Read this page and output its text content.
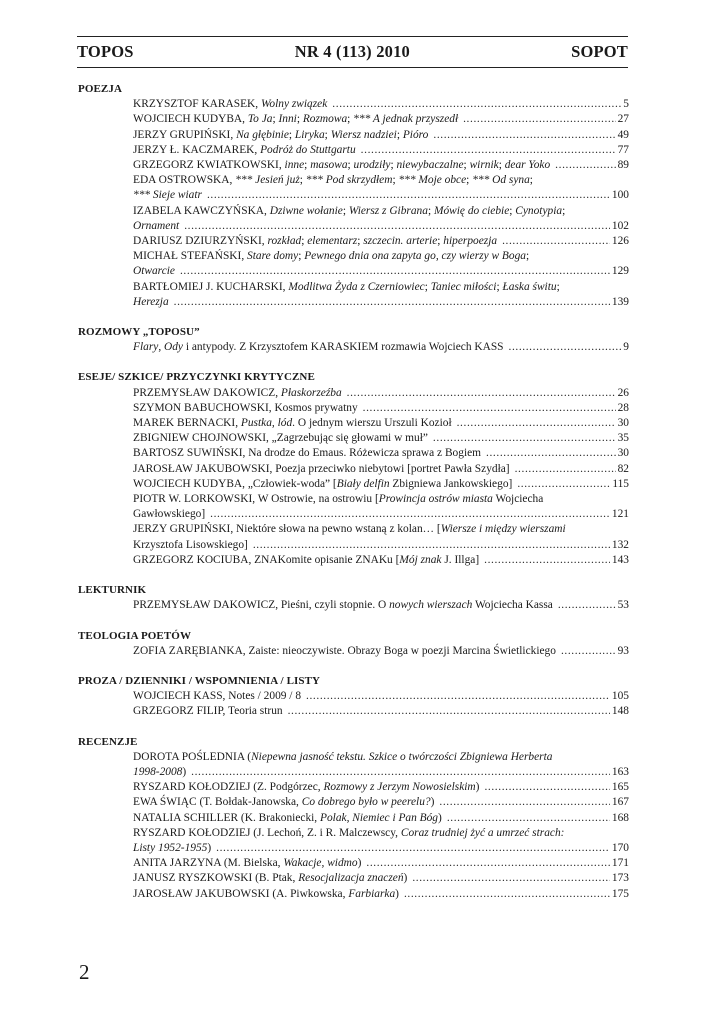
TOPOS	NR 4 (113) 2010	SOPOT
POEZJA
KRZYSZTOF KARASEK, Wolny związek .....	5
WOJCIECH KUDYBA, To Ja; Inni; Rozmowa; *** A jednak przyszedł .....	27
JERZY GRUPIŃSKI, Na głębinie; Liryka; Wiersz nadziei; Pióro .....	49
JERZY Ł. KACZMAREK, Podróż do Stuttgartu .....	77
GRZEGORZ KWIATKOWSKI, inne; masowa; urodziły; niewybaczalne; wirnik; dear Yoko .....	89
EDA OSTROWSKA, *** Jesień już; *** Pod skrzydłem; *** Moje obce; *** Od syna;
*** Sieje wiatr .....	100
IZABELA KAWCZYŃSKA, Dziwne wołanie; Wiersz z Gibrana; Mówię do ciebie; Cynotypia;
Ornament .....	102
DARIUSZ DZIURZYŃSKI, rozkład; elementarz; szczecin. arterie; hiperpoezja .....	126
MICHAŁ STEFAŃSKI, Stare domy; Pewnego dnia ona zapyta go, czy wierzy w Boga;
Otwarcie .....	129
BARTŁOMIEJ J. KUCHARSKI, Modlitwa Żyda z Czerniowiec; Taniec miłości; Łaska świtu;
Herezja .....	139
ROZMOWY „TOPOSU”
Flary, Ody i antypody. Z Krzysztofem KARASKIEM rozmawia Wojciech KASS .....	9
ESEJE/ SZKICE/ PRZYCZYNKI KRYTYCZNE
PRZEMYSŁAW DAKOWICZ, Płaskorzeźba .....	26
SZYMON BABUCHOWSKI, Kosmos prywatny .....	28
MAREK BERNACKI, Pustka, lód. O jednym wierszu Urszuli Kozioł .....	30
ZBIGNIEW CHOJNOWSKI, „Zagrzebując się głowami w muł” .....	35
BARTOSZ SUWIŃSKI, Na drodze do Emaus. Różewicza sprawa z Bogiem .....	30
JAROSŁAW JAKUBOWSKI, Poezja przeciwko niebytowi [portret Pawła Szydła] .....	82
WOJCIECH KUDYBA, „Człowiek-woda” [Biały delfin Zbigniewa Jankowskiego] .....	115
PIOTR W. LORKOWSKI, W Ostrowie, na ostrowiu [Prowincja ostrów miasta Wojciecha
Gawłowskiego] .....	121
JERZY GRUPIŃSKI, Niektóre słowa na pewno wstaną z kolan… [Wiersze i między wierszami
Krzysztofa Lisowskiego] .....	132
GRZEGORZ KOCIUBA, ZNAKomite opisanie ZNAKu [Mój znak J. Illga] .....	143
LEKTURNIK
PRZEMYSŁAW DAKOWICZ, Pieśni, czyli stopnie. O nowych wierszach Wojciecha Kassa .....	53
TEOLOGIA POETÓW
ZOFIA ZARĘBIANKA, Zaiste: nieoczywiste. Obrazy Boga w poezji Marcina Świetlickiego .....	93
PROZA / DZIENNIKI / WSPOMNIENIA / LISTY
WOJCIECH KASS, Notes / 2009 / 8 .....	105
GRZEGORZ FILIP, Teoria strun .....	148
RECENZJE
DOROTA POŚLEDNIA (Niepewna jasność tekstu. Szkice o twórczości Zbigniewa Herberta
1998-2008) .....	163
RYSZARD KOŁODZIEJ (Z. Podgórzec, Rozmowy z Jerzym Nowosielskim) .....	165
EWA ŚWIĄC (T. Bołdak-Janowska, Co dobrego było w peerelu?) .....	167
NATALIA SCHILLER (K. Brakoniecki, Polak, Niemiec i Pan Bóg) .....	168
RYSZARD KOŁODZIEJ (J. Lechoń, Z. i R. Malczewscy, Coraz trudniej żyć a umrzeć strach:
Listy 1952-1955) .....	170
ANITA JARZYNA (M. Bielska, Wakacje, widmo) .....	171
JANUSZ RYSZKOWSKI (B. Ptak, Resocjalizacja znaczeń) .....	173
JAROSŁAW JAKUBOWSKI (A. Piwkowska, Farbiarka) .....	175
2
